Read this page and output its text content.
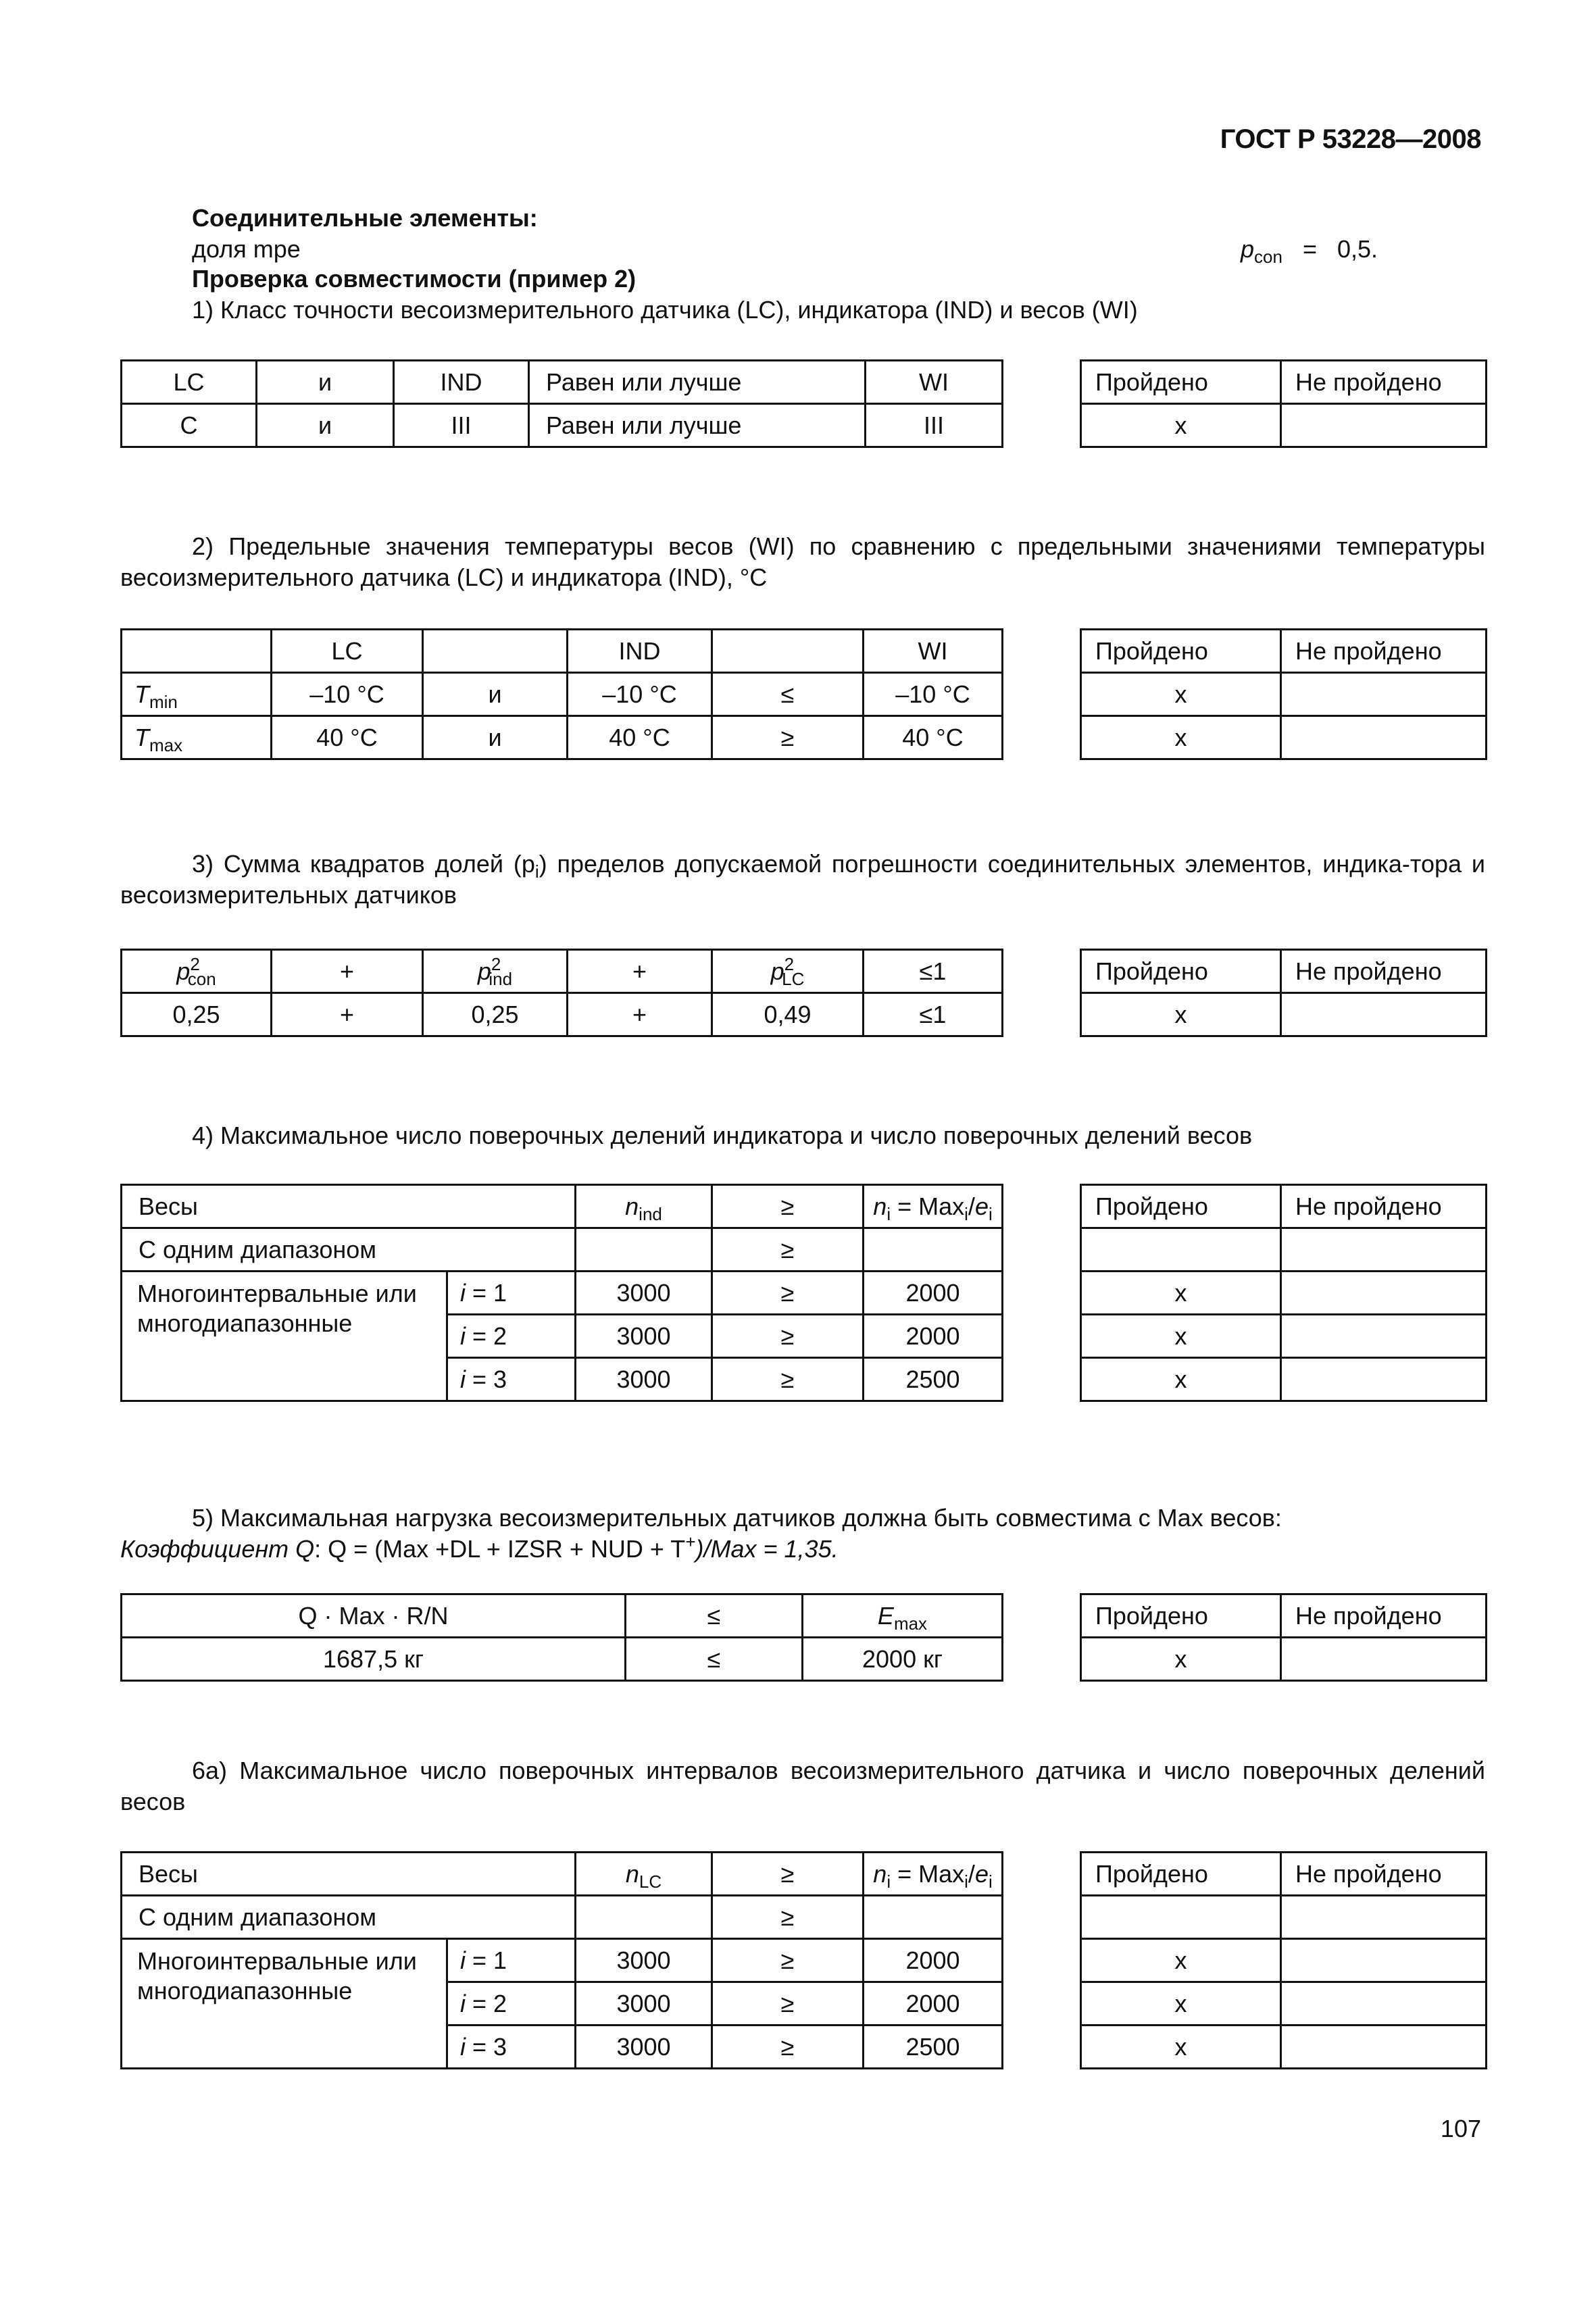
ГОСТ Р 53228—2008
Соединительные элементы:
доля mpe	$p_{con} = 0,5$.
Проверка совместимости (пример 2)
1) Класс точности весоизмерительного датчика (LC), индикатора (IND) и весов (WI)
LC	и	IND	Равен или лучше	WI
C	и	III	Равен или лучше	III
Пройдено	Не пройдено
x	
2) Предельные значения температуры весов (WI) по сравнению с предельными значениями температуры весоизмерительного датчика (LC) и индикатора (IND), °С
	LC		IND		WI
$T_{min}$	–10 °С	и	–10 °С	≤	–10 °С
$T_{max}$	40 °С	и	40 °С	≥	40 °С
Пройдено	Не пройдено
x	
x	
3) Сумма квадратов долей $(p_i)$ пределов допускаемой погрешности соединительных элементов, индика-тора и весоизмерительных датчиков
$p^2_{con}$	+	$p^2_{ind}$	+	$p^2_{LC}$	≤1
0,25	+	0,25	+	0,49	≤1
Пройдено	Не пройдено
x	
4) Максимальное число поверочных делений индикатора и число поверочных делений весов
Весы		$n_{ind}$	≥	$n_i = Max_i/e_i$
С одним диапазоном			≥	
Многоинтервальные или многодиапазонные	i = 1	3000	≥	2000
	i = 2	3000	≥	2000
	i = 3	3000	≥	2500
Пройдено	Не пройдено

x	
x	
x	
5) Максимальная нагрузка весоизмерительных датчиков должна быть совместима с Max весов:
Коэффициент Q: Q = (Max +DL + IZSR + NUD + T+)/Max = 1,35.
Q · Max · R/N	≤	$E_{max}$
1687,5 кг	≤	2000 кг
Пройдено	Не пройдено
x	
6а) Максимальное число поверочных интервалов весоизмерительного датчика и число поверочных делений весов
Весы		$n_{LC}$	≥	$n_i = Max_i/e_i$
С одним диапазоном			≥	
Многоинтервальные или многодиапазонные	i = 1	3000	≥	2000
	i = 2	3000	≥	2000
	i = 3	3000	≥	2500
Пройдено	Не пройдено

x	
x	
x	
107
